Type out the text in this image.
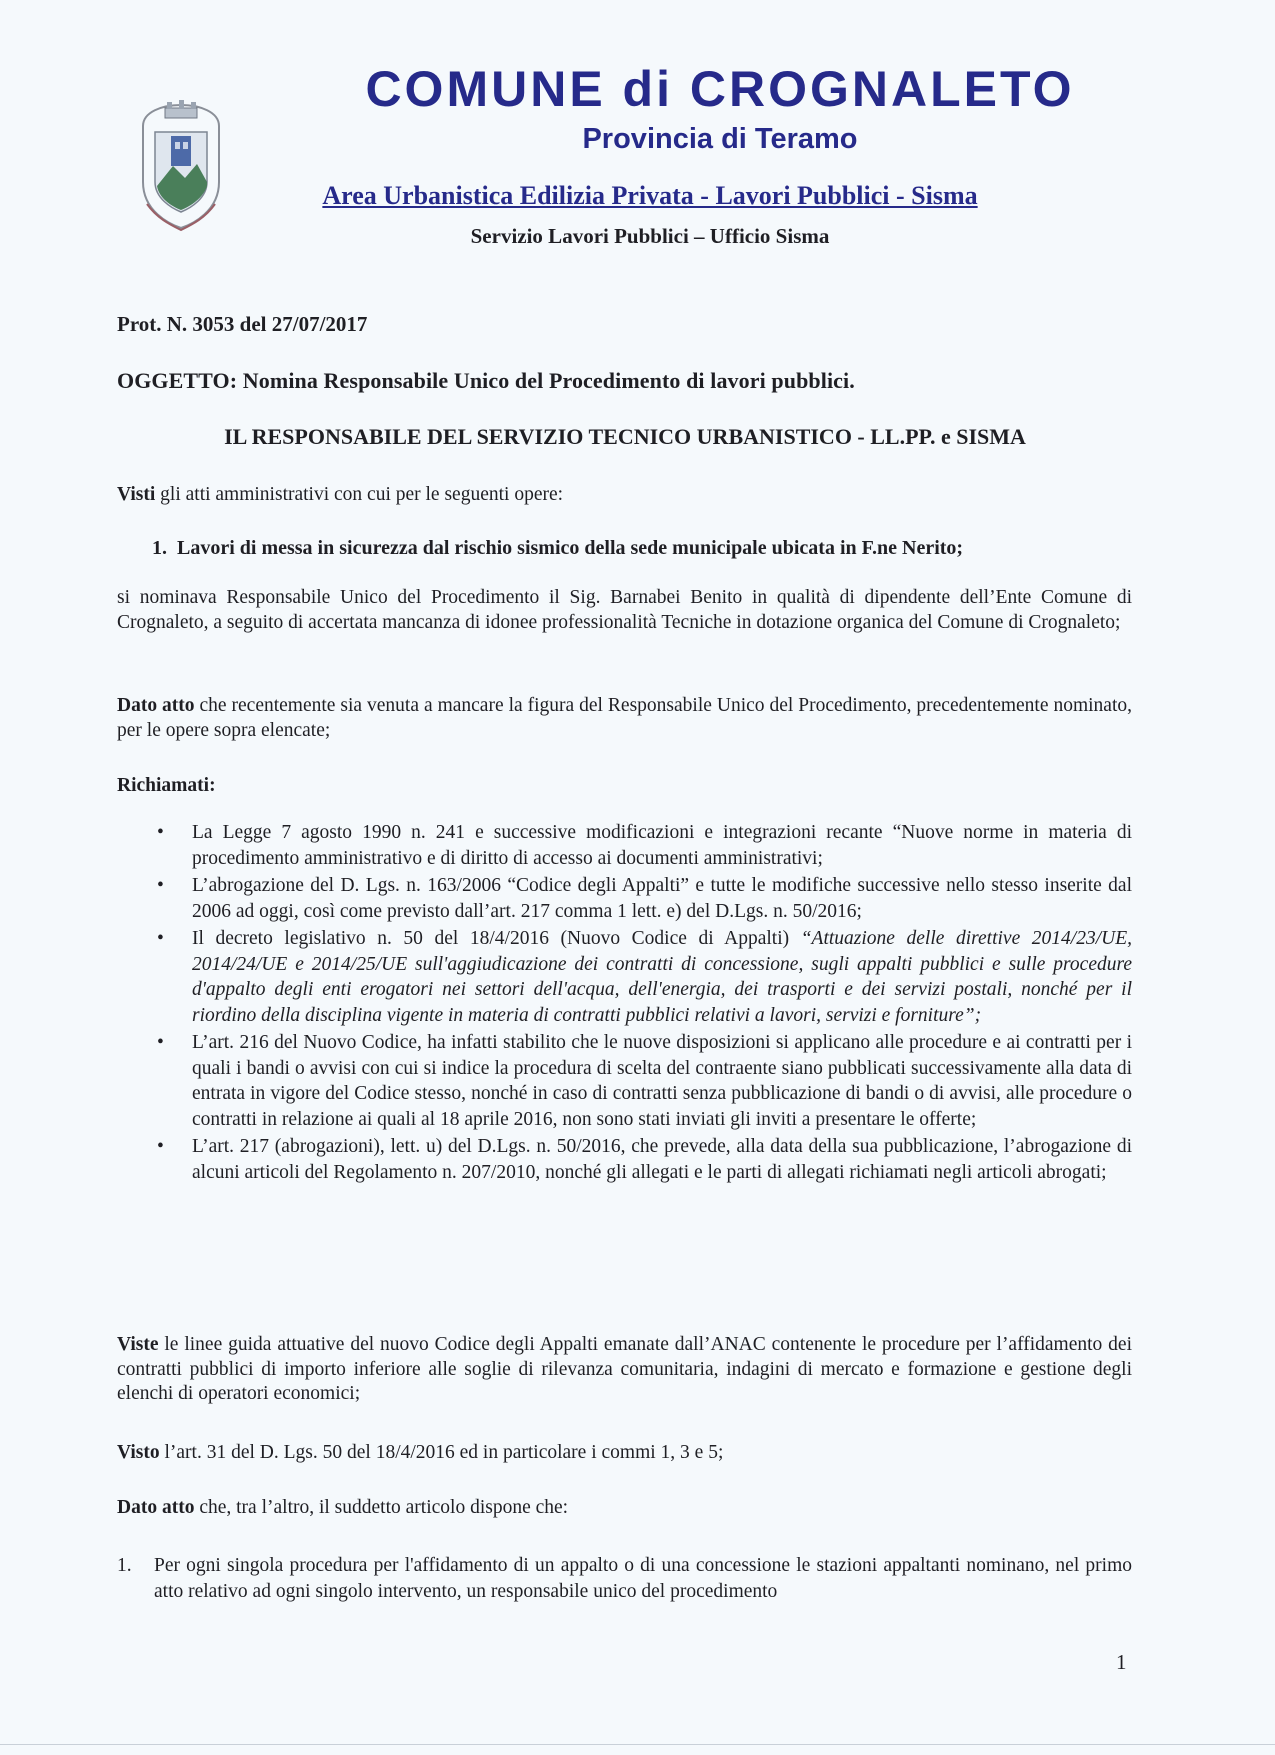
COMUNE di CROGNALETO
Provincia di Teramo
Area Urbanistica Edilizia Privata - Lavori Pubblici - Sisma
Servizio Lavori Pubblici – Ufficio Sisma
Prot. N. 3053 del 27/07/2017
OGGETTO: Nomina Responsabile Unico del Procedimento di lavori pubblici.
IL RESPONSABILE DEL SERVIZIO TECNICO URBANISTICO - LL.PP. e SISMA
Visti gli atti amministrativi con cui per le seguenti opere:
1. Lavori di messa in sicurezza dal rischio sismico della sede municipale ubicata in F.ne Nerito;
si nominava Responsabile Unico del Procedimento il Sig. Barnabei Benito in qualità di dipendente dell’Ente Comune di Crognaleto, a seguito di accertata mancanza di idonee professionalità Tecniche in dotazione organica del Comune di Crognaleto;
Dato atto che recentemente sia venuta a mancare la figura del Responsabile Unico del Procedimento, precedentemente nominato, per le opere sopra elencate;
Richiamati:
• La Legge 7 agosto 1990 n. 241 e successive modificazioni e integrazioni recante “Nuove norme in materia di procedimento amministrativo e di diritto di accesso ai documenti amministrativi;
• L’abrogazione del D. Lgs. n. 163/2006 “Codice degli Appalti” e tutte le modifiche successive nello stesso inserite dal 2006 ad oggi, così come previsto dall’art. 217 comma 1 lett. e) del D.Lgs. n. 50/2016;
• Il decreto legislativo n. 50 del 18/4/2016 (Nuovo Codice di Appalti) “Attuazione delle direttive 2014/23/UE, 2014/24/UE e 2014/25/UE sull'aggiudicazione dei contratti di concessione, sugli appalti pubblici e sulle procedure d'appalto degli enti erogatori nei settori dell'acqua, dell'energia, dei trasporti e dei servizi postali, nonché per il riordino della disciplina vigente in materia di contratti pubblici relativi a lavori, servizi e forniture”;
• L’art. 216 del Nuovo Codice, ha infatti stabilito che le nuove disposizioni si applicano alle procedure e ai contratti per i quali i bandi o avvisi con cui si indice la procedura di scelta del contraente siano pubblicati successivamente alla data di entrata in vigore del Codice stesso, nonché in caso di contratti senza pubblicazione di bandi o di avvisi, alle procedure o contratti in relazione ai quali al 18 aprile 2016, non sono stati inviati gli inviti a presentare le offerte;
• L’art. 217 (abrogazioni), lett. u) del D.Lgs. n. 50/2016, che prevede, alla data della sua pubblicazione, l’abrogazione di alcuni articoli del Regolamento n. 207/2010, nonché gli allegati e le parti di allegati richiamati negli articoli abrogati;
Viste le linee guida attuative del nuovo Codice degli Appalti emanate dall’ANAC contenente le procedure per l’affidamento dei contratti pubblici di importo inferiore alle soglie di rilevanza comunitaria, indagini di mercato e formazione e gestione degli elenchi di operatori economici;
Visto l’art. 31 del D. Lgs. 50 del 18/4/2016 ed in particolare i commi 1, 3 e 5;
Dato atto che, tra l’altro, il suddetto articolo dispone che:
1. Per ogni singola procedura per l'affidamento di un appalto o di una concessione le stazioni appaltanti nominano, nel primo atto relativo ad ogni singolo intervento, un responsabile unico del procedimento
1
